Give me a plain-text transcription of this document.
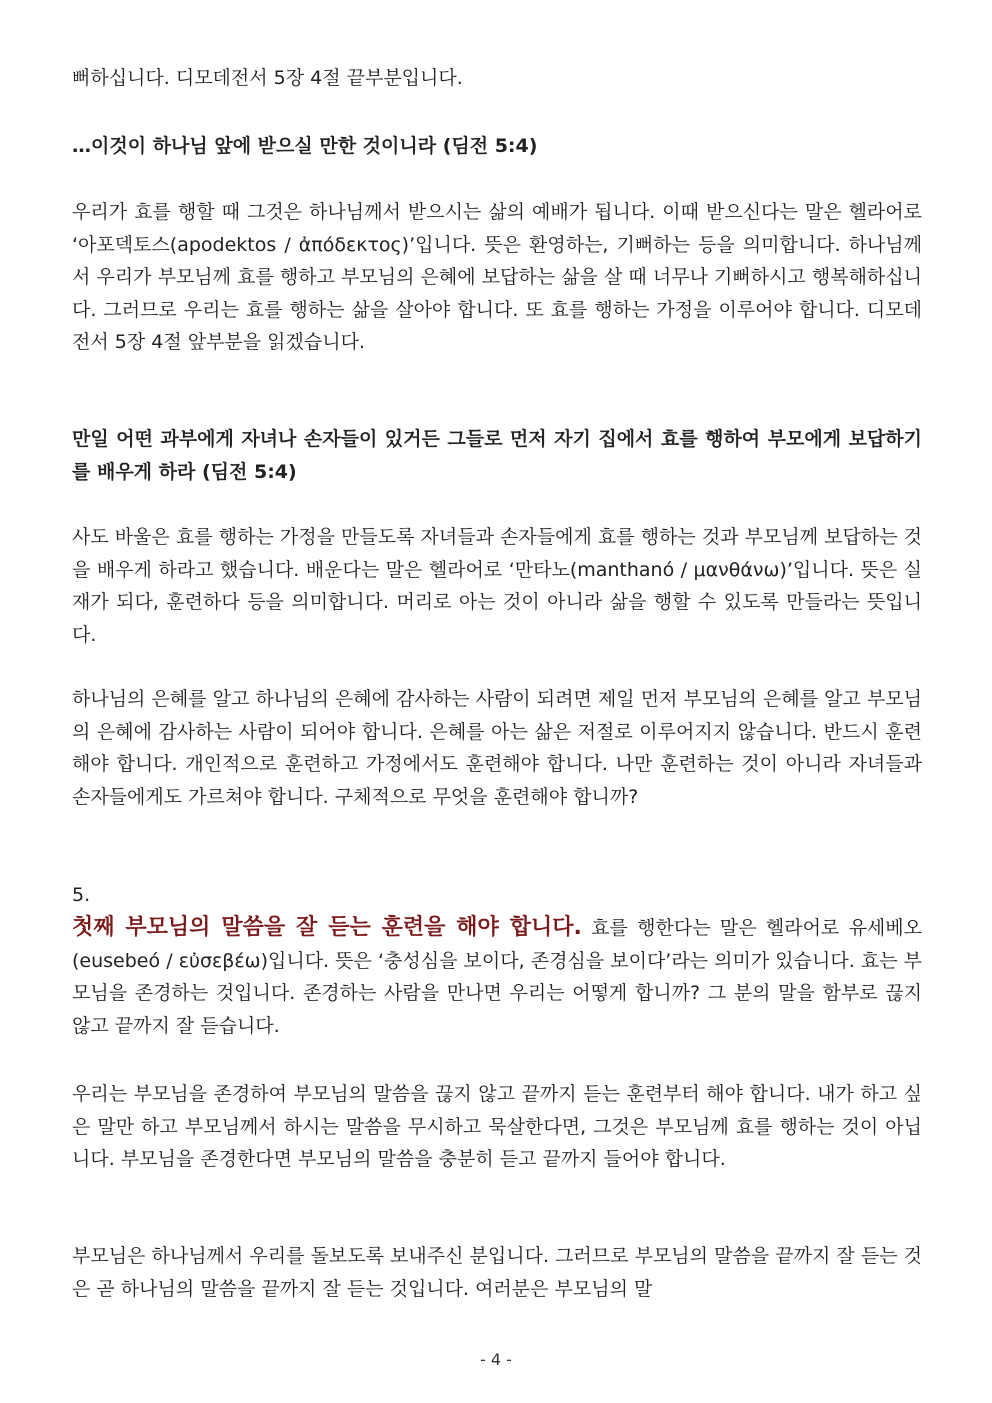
뻐하십니다. 디모데전서 5장 4절 끝부분입니다.

…이것이 하나님 앞에 받으실 만한 것이니라 (딤전 5:4)

우리가 효를 행할 때 그것은 하나님께서 받으시는 삶의 예배가 됩니다. 이때 받으신다는 말은 헬라어로 ‘아포덱토스(apodektos / ἀπόδεκτος)’입니다. 뜻은 환영하는, 기뻐하는 등을 의미합니다. 하나님께서 우리가 부모님께 효를 행하고 부모님의 은혜에 보답하는 삶을 살 때 너무나 기뻐하시고 행복해하십니다. 그러므로 우리는 효를 행하는 삶을 살아야 합니다. 또 효를 행하는 가정을 이루어야 합니다. 디모데전서 5장 4절 앞부분을 읽겠습니다.

만일 어떤 과부에게 자녀나 손자들이 있거든 그들로 먼저 자기 집에서 효를 행하여 부모에게 보답하기를 배우게 하라 (딤전 5:4)

사도 바울은 효를 행하는 가정을 만들도록 자녀들과 손자들에게 효를 행하는 것과 부모님께 보답하는 것을 배우게 하라고 했습니다. 배운다는 말은 헬라어로 ‘만타노(manthanó / μανθάνω)’입니다. 뜻은 실재가 되다, 훈련하다 등을 의미합니다. 머리로 아는 것이 아니라 삶을 행할 수 있도록 만들라는 뜻입니다.

하나님의 은혜를 알고 하나님의 은혜에 감사하는 사람이 되려면 제일 먼저 부모님의 은혜를 알고 부모님의 은혜에 감사하는 사람이 되어야 합니다. 은혜를 아는 삶은 저절로 이루어지지 않습니다. 반드시 훈련해야 합니다. 개인적으로 훈련하고 가정에서도 훈련해야 합니다. 나만 훈련하는 것이 아니라 자녀들과 손자들에게도 가르쳐야 합니다. 구체적으로 무엇을 훈련해야 합니까?

5.

첫째 부모님의 말씀을 잘 듣는 훈련을 해야 합니다. 효를 행한다는 말은 헬라어로 유세베오(eusebeó / εὐσεβέω)입니다. 뜻은 ‘충성심을 보이다, 존경심을 보이다’라는 의미가 있습니다. 효는 부모님을 존경하는 것입니다. 존경하는 사람을 만나면 우리는 어떻게 합니까? 그 분의 말을 함부로 끊지 않고 끝까지 잘 듣습니다.

우리는 부모님을 존경하여 부모님의 말씀을 끊지 않고 끝까지 듣는 훈련부터 해야 합니다. 내가 하고 싶은 말만 하고 부모님께서 하시는 말씀을 무시하고 묵살한다면, 그것은 부모님께 효를 행하는 것이 아닙니다. 부모님을 존경한다면 부모님의 말씀을 충분히 듣고 끝까지 들어야 합니다.

부모님은 하나님께서 우리를 돌보도록 보내주신 분입니다. 그러므로 부모님의 말씀을 끝까지 잘 듣는 것은 곧 하나님의 말씀을 끝까지 잘 듣는 것입니다. 여러분은 부모님의 말

- 4 -
